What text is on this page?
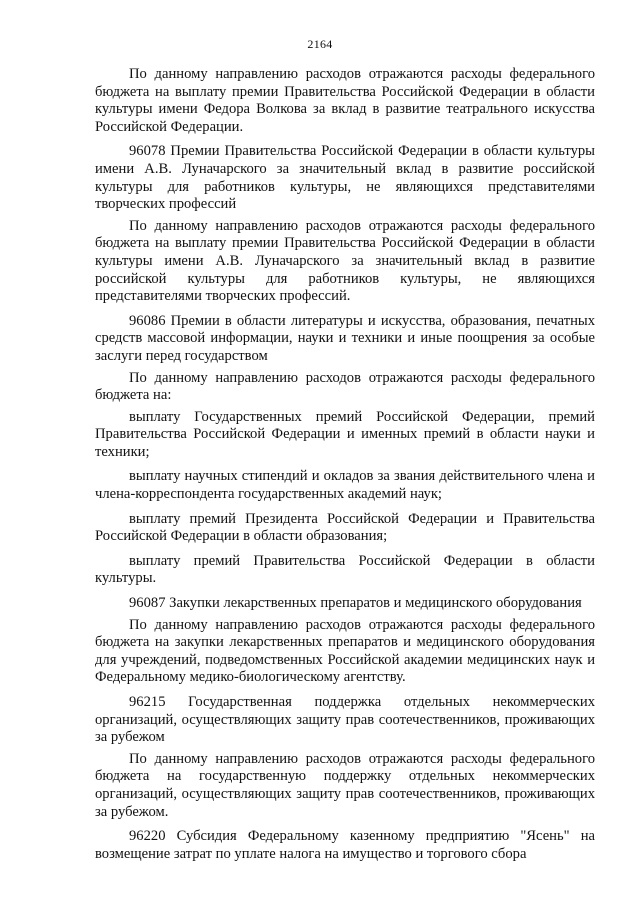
2164

По данному направлению расходов отражаются расходы федерального бюджета на выплату премии Правительства Российской Федерации в области культуры имени Федора Волкова за вклад в развитие театрального искусства Российской Федерации.

96078 Премии Правительства Российской Федерации в области культуры имени А.В. Луначарского за значительный вклад в развитие российской культуры для работников культуры, не являющихся представителями творческих профессий

По данному направлению расходов отражаются расходы федерального бюджета на выплату премии Правительства Российской Федерации в области культуры имени А.В. Луначарского за значительный вклад в развитие российской культуры для работников культуры, не являющихся представителями творческих профессий.

96086 Премии в области литературы и искусства, образования, печатных средств массовой информации, науки и техники и иные поощрения за особые заслуги перед государством

По данному направлению расходов отражаются расходы федерального бюджета на:

выплату Государственных премий Российской Федерации, премий Правительства Российской Федерации и именных премий в области науки и техники;

выплату научных стипендий и окладов за звания действительного члена и члена-корреспондента государственных академий наук;

выплату премий Президента Российской Федерации и Правительства Российской Федерации в области образования;

выплату премий Правительства Российской Федерации в области культуры.

96087 Закупки лекарственных препаратов и медицинского оборудования

По данному направлению расходов отражаются расходы федерального бюджета на закупки лекарственных препаратов и медицинского оборудования для учреждений, подведомственных Российской академии медицинских наук и Федеральному медико-биологическому агентству.

96215 Государственная поддержка отдельных некоммерческих организаций, осуществляющих защиту прав соотечественников, проживающих за рубежом

По данному направлению расходов отражаются расходы федерального бюджета на государственную поддержку отдельных некоммерческих организаций, осуществляющих защиту прав соотечественников, проживающих за рубежом.

96220 Субсидия Федеральному казенному предприятию "Ясень" на возмещение затрат по уплате налога на имущество и торгового сбора
